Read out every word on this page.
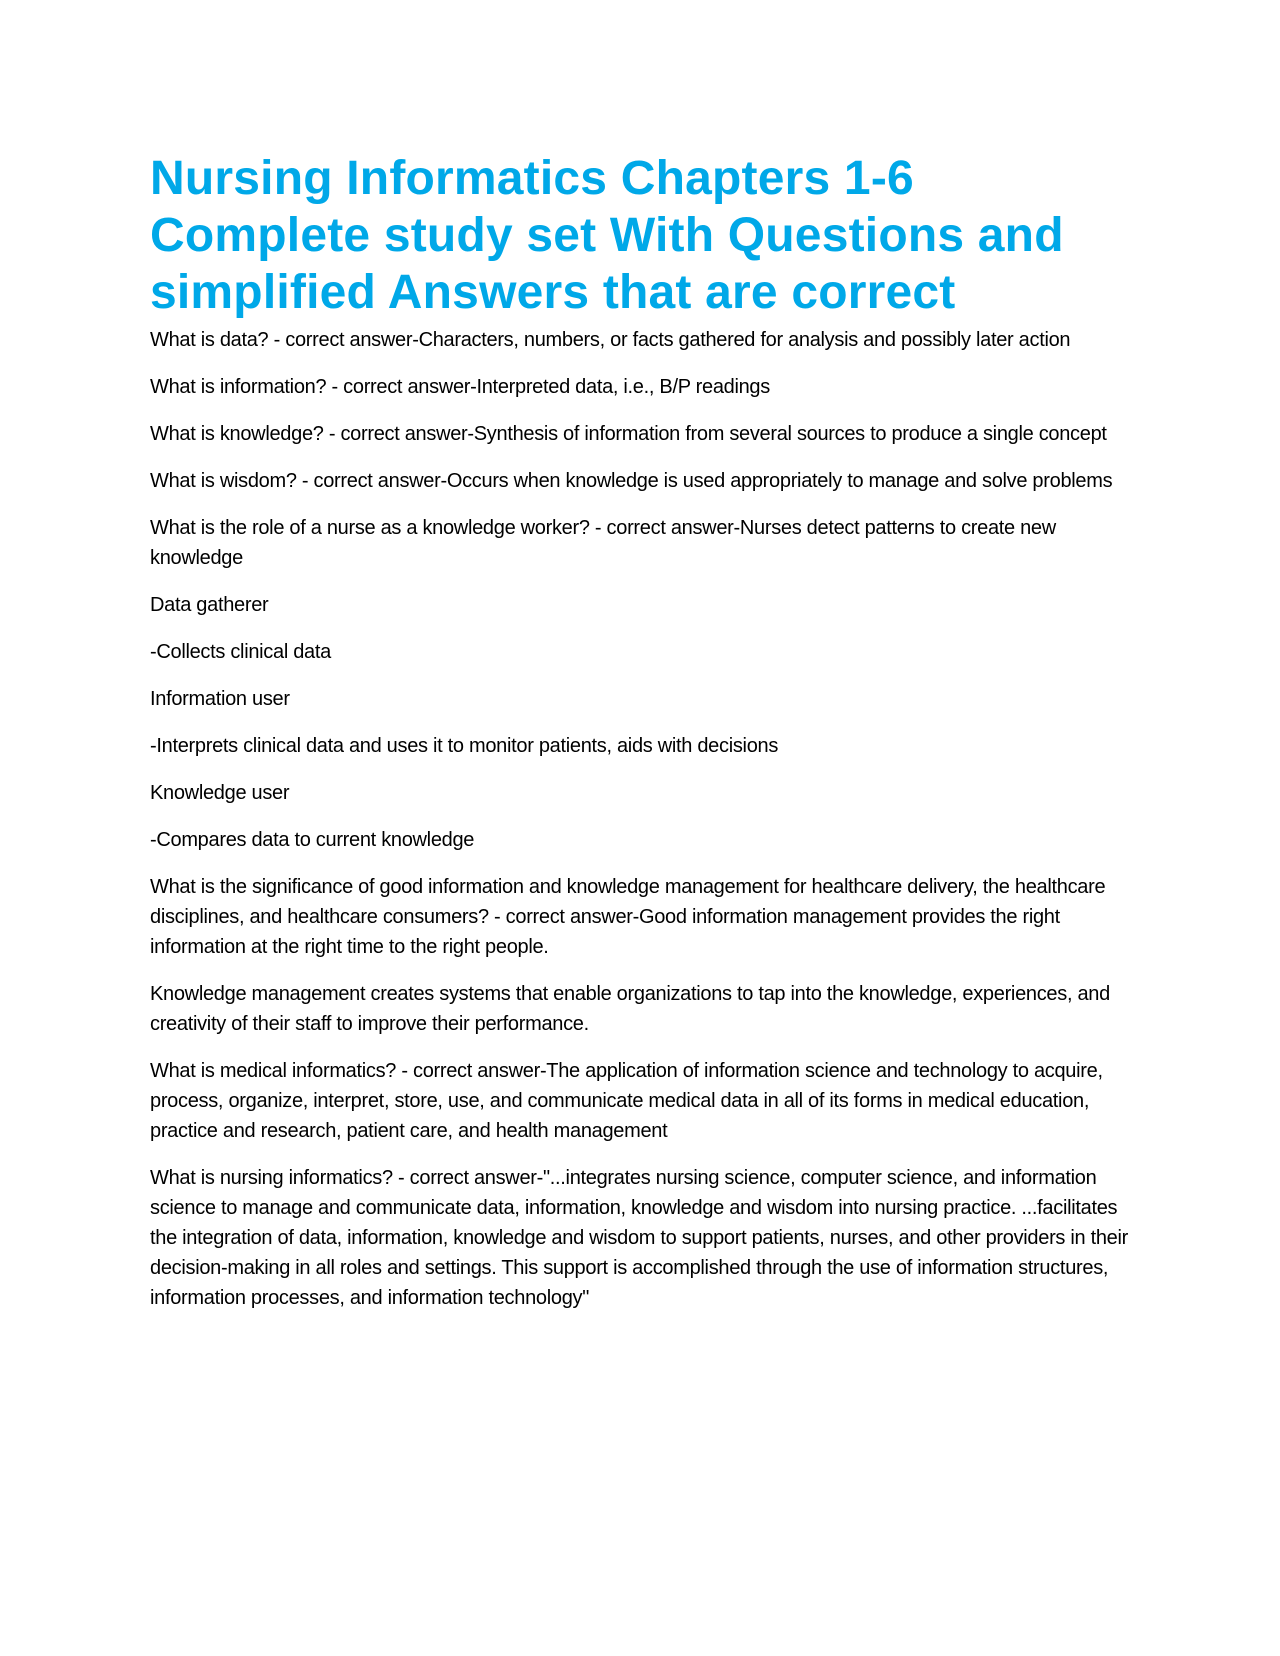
Nursing Informatics Chapters 1-6 Complete study set With Questions and simplified Answers that are correct

What is data? - correct answer-Characters, numbers, or facts gathered for analysis and possibly later action

What is information? - correct answer-Interpreted data, i.e., B/P readings

What is knowledge? - correct answer-Synthesis of information from several sources to produce a single concept

What is wisdom? - correct answer-Occurs when knowledge is used appropriately to manage and solve problems

What is the role of a nurse as a knowledge worker? - correct answer-Nurses detect patterns to create new knowledge

Data gatherer

-Collects clinical data

Information user

-Interprets clinical data and uses it to monitor patients, aids with decisions

Knowledge user

-Compares data to current knowledge

What is the significance of good information and knowledge management for healthcare delivery, the healthcare disciplines, and healthcare consumers? - correct answer-Good information management provides the right information at the right time to the right people.

Knowledge management creates systems that enable organizations to tap into the knowledge, experiences, and creativity of their staff to improve their performance.

What is medical informatics? - correct answer-The application of information science and technology to acquire, process, organize, interpret, store, use, and communicate medical data in all of its forms in medical education, practice and research, patient care, and health management

What is nursing informatics? - correct answer-"...integrates nursing science, computer science, and information science to manage and communicate data, information, knowledge and wisdom into nursing practice. ...facilitates the integration of data, information, knowledge and wisdom to support patients, nurses, and other providers in their decision-making in all roles and settings. This support is accomplished through the use of information structures, information processes, and information technology"
